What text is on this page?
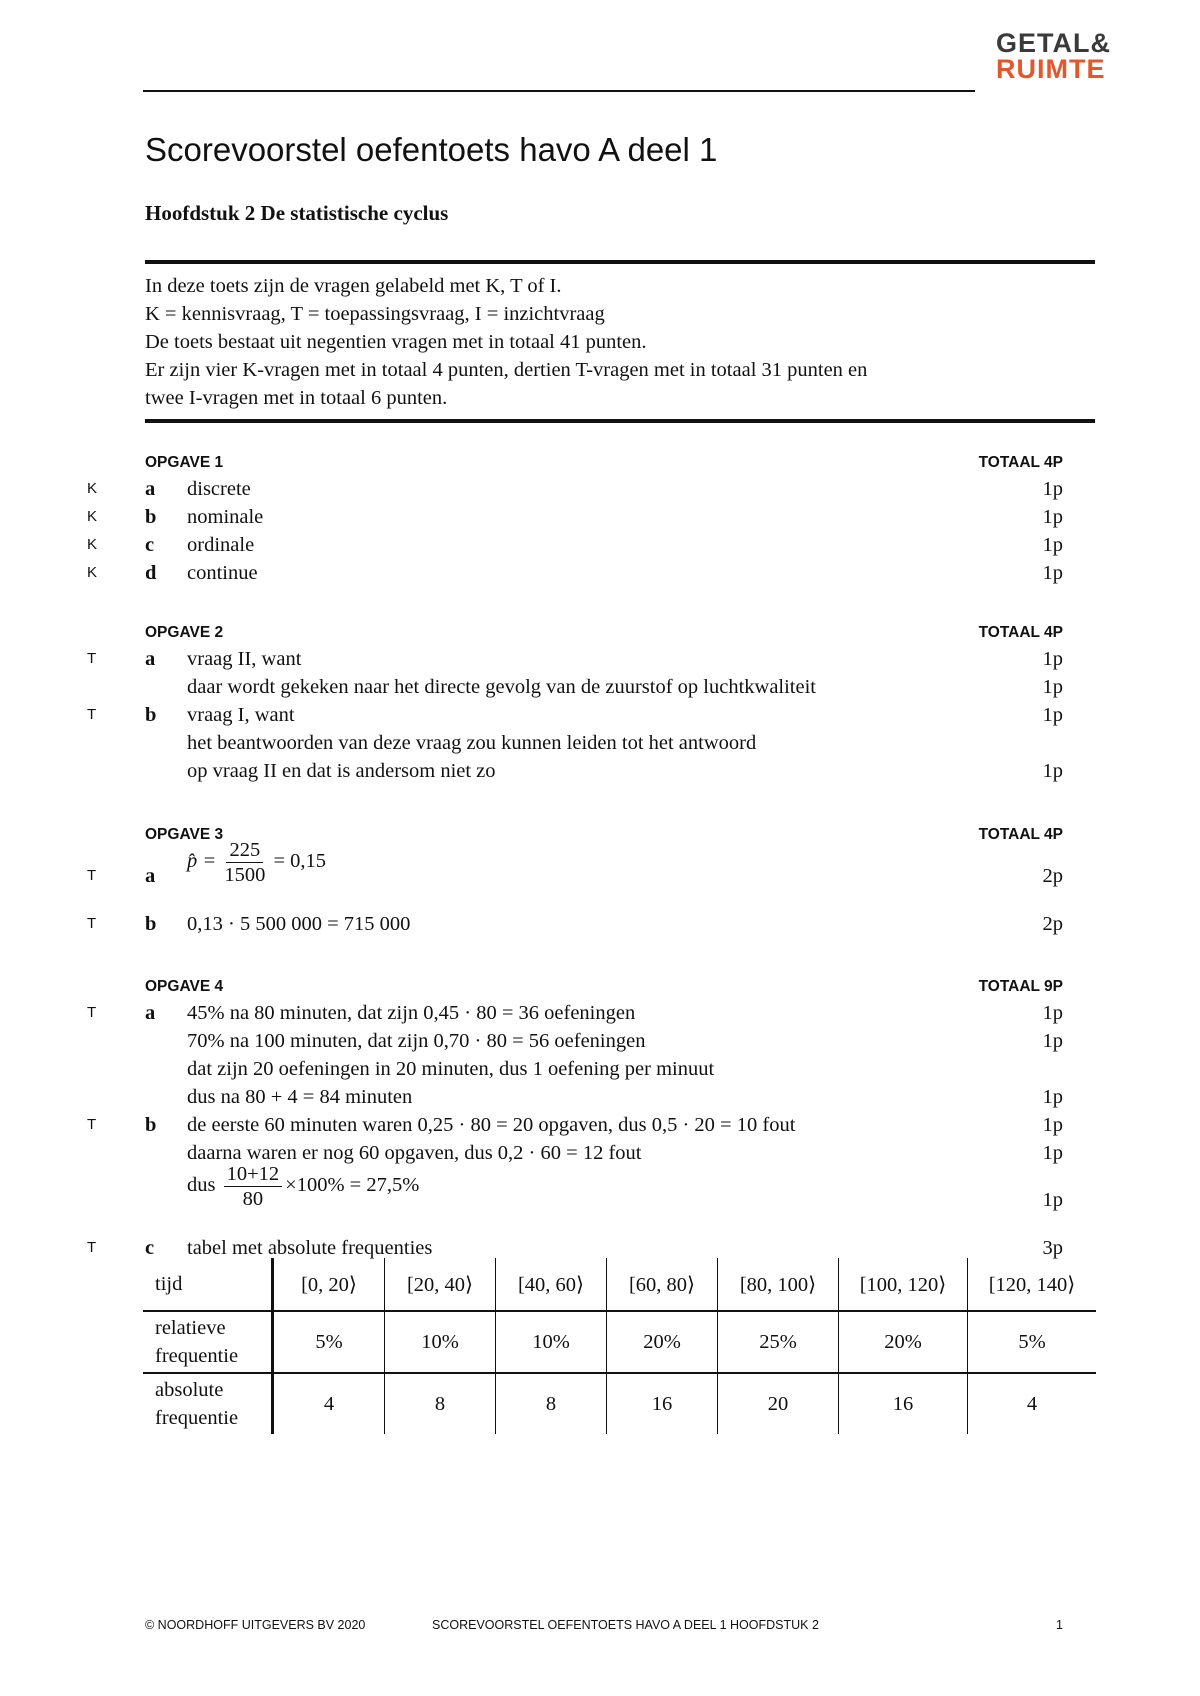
GETAL&
RUIMTE
Scorevoorstel oefentoets havo A deel 1
Hoofdstuk 2 De statistische cyclus
In deze toets zijn de vragen gelabeld met K, T of I.
K = kennisvraag, T = toepassingsvraag, I = inzichtvraag
De toets bestaat uit negentien vragen met in totaal 41 punten.
Er zijn vier K-vragen met in totaal 4 punten, dertien T-vragen met in totaal 31 punten en
twee I-vragen met in totaal 6 punten.
OPGAVE 1	TOTAAL 4P
K a discrete	1p
K b nominale	1p
K c ordinale	1p
K d continue	1p
OPGAVE 2	TOTAAL 4P
T a vraag II, want	1p
daar wordt gekeken naar het directe gevolg van de zuurstof op luchtkwaliteit	1p
T b vraag I, want	1p
het beantwoorden van deze vraag zou kunnen leiden tot het antwoord
op vraag II en dat is andersom niet zo	1p
OPGAVE 3	TOTAAL 4P
T a
p̂ = $\frac{225}{1500} = 0,15$
2p
T b 0,13 · 5 500 000 = 715 000	2p
OPGAVE 4	TOTAAL 9P
T a 45% na 80 minuten, dat zijn 0,45 · 80 = 36 oefeningen	1p
70% na 100 minuten, dat zijn 0,70 · 80 = 56 oefeningen	1p
dat zijn 20 oefeningen in 20 minuten, dus 1 oefening per minuut
dus na 80 + 4 = 84 minuten	1p
T b de eerste 60 minuten waren 0,25 · 80 = 20 opgaven, dus 0,5 · 20 = 10 fout	1p
daarna waren er nog 60 opgaven, dus 0,2 · 60 = 12 fout	1p
dus $\frac{10+12}{80} \times 100\% = 27,5\%$
1p
T c tabel met absolute frequenties	3p
tijd	[0, 20⟩	[20, 40⟩	[40, 60⟩	[60, 80⟩	[80, 100⟩	[100, 120⟩	[120, 140⟩

relatieve
frequentie	5%	10%	10%	20%	25%	20%	5%

absolute
frequentie	4	8	8	16	20	16	4
© NOORDHOFF UITGEVERS BV 2020	SCOREVOORSTEL OEFENTOETS HAVO A DEEL 1 HOOFDSTUK 2	1
